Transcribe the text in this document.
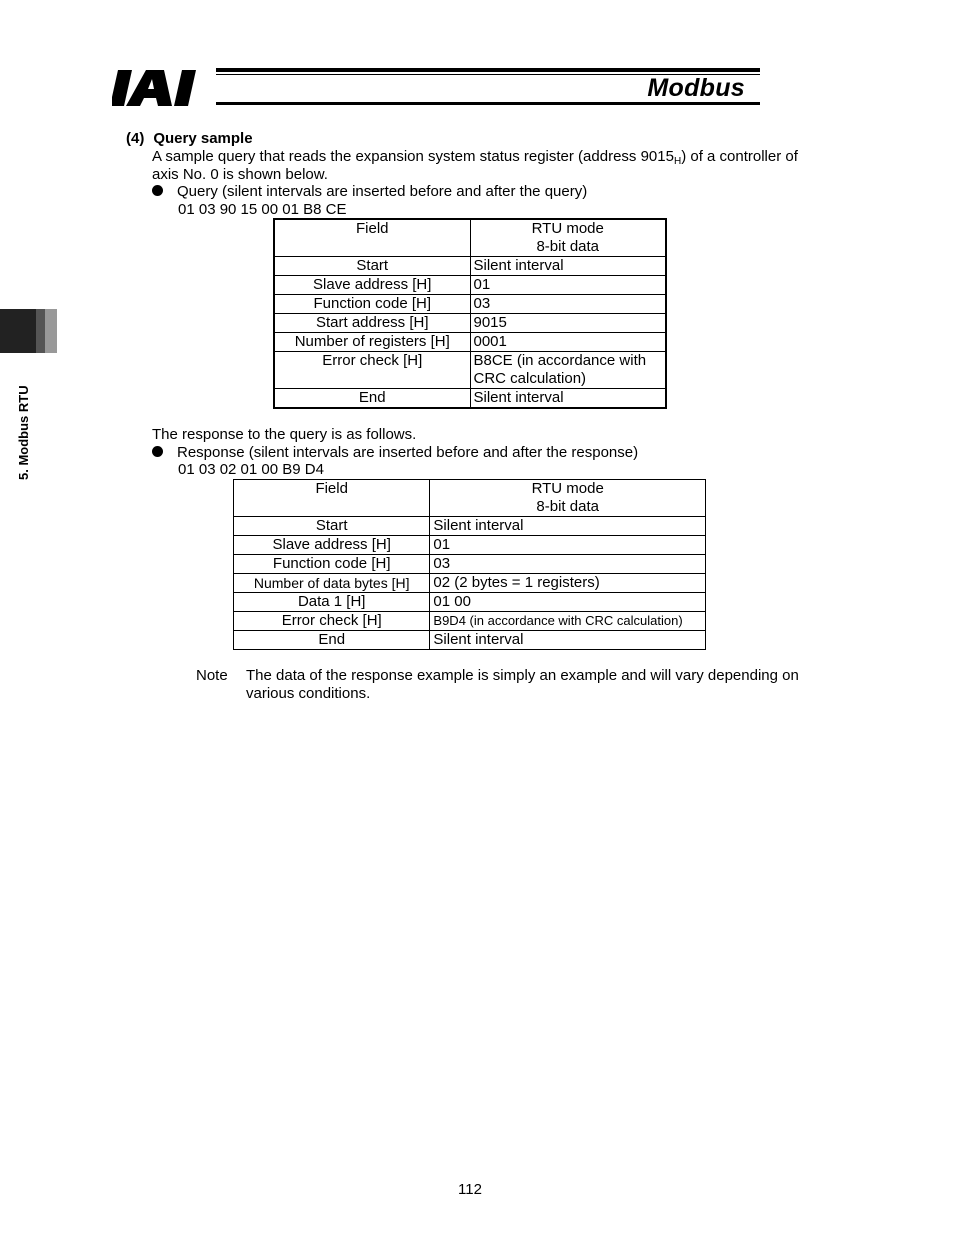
Modbus
5. Modbus RTU
(4) Query sample
A sample query that reads the expansion system status register (address $9015_H$) of a controller of
axis No. 0 is shown below.
Query (silent intervals are inserted before and after the query)
01 03 90 15 00 01 B8 CE
Field	RTU mode
8-bit data
Start	Silent interval
Slave address [H]	01
Function code [H]	03
Start address [H]	9015
Number of registers [H]	0001
Error check [H]	B8CE (in accordance with
CRC calculation)
End	Silent interval
The response to the query is as follows.
Response (silent intervals are inserted before and after the response)
01 03 02 01 00 B9 D4
Field	RTU mode
8-bit data
Start	Silent interval
Slave address [H]	01
Function code [H]	03
Number of data bytes [H]	02 (2 bytes = 1 registers)
Data 1 [H]	01 00
Error check [H]	B9D4 (in accordance with CRC calculation)
End	Silent interval
Note The data of the response example is simply an example and will vary depending on various conditions.
112
